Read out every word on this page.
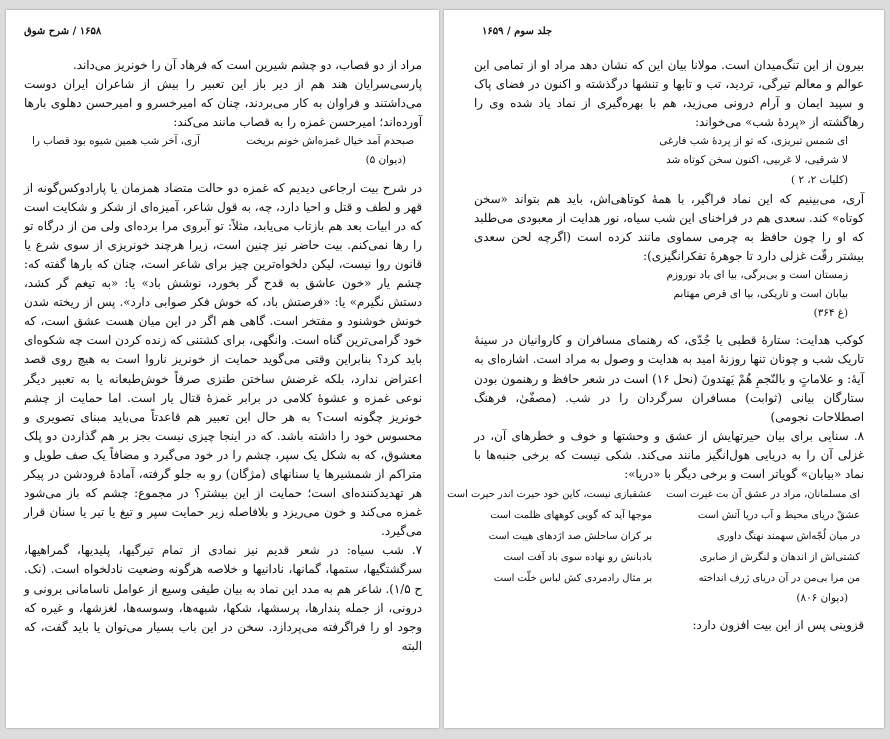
۱۶۵۸ / شرح شوق

مراد از دو قصاب، دو چشم شیرین است که فرهاد آن را خونریز می‌داند.

پارسی‌سرایان هند هم از دیر باز این تعبیر را بیش از شاعران ایران دوست می‌داشتند و فراوان به کار می‌بردند، چنان که امیرخسرو و امیرحسن دهلوی بارها آورده‌اند؛ امیرحسن غمزه را به قصاب مانند می‌کند:

صبحدم آمد خیال غمزه‌اش خونم بریخت
آری، آخر شب همین شیوه بود قصاب را
(دیوان ۵)

در شرح بیت ارجاعی دیدیم که غمزه دو حالت متضاد همزمان یا پارادوکس‌گونه از قهر و لطف و قتل و احیا دارد، چه، به قول شاعر، آمیزه‌ای از شکر و شکایت است که در ابیات بعد هم بازتاب می‌یابد، مثلاً: تو آبروی مرا برده‌ای ولی من از درگاه تو را رها نمی‌کنم. بیت حاضر نیز چنین است، زیرا هرچند خونریزی از سوی شرع یا قانون روا نیست، لیکن دلخواه‌ترین چیز برای شاعر است، چنان که بارها گفته که: چشم یار «خون عاشق به قدح گر بخورد، نوشش باد» یا: «به تیغم گر کشد، دستش نگیرم» یا: «فرصتش باد، که خوش فکر صوابی دارد». پس از ریخته شدن خونش خوشنود و مفتخر است. گاهی هم اگر در این میان هست عشق است، که خود گرامی‌ترین گناه است. وانگهی، برای کشتنی که زنده کردن است چه شکوه‌ای باید کرد؟ بنابراین وقتی می‌گوید حمایت از خونریز ناروا است به هیچ روی قصد اعتراض ندارد، بلکه غرضش ساختن طنزی صرفاً خوش‌طبعانه یا به تعبیر دیگر نوعی غمزه و عشوهٔ کلامی در برابر غمزهٔ قتال یار است. اما حمایت از چشم خونریز چگونه است؟ به هر حال این تعبیر هم قاعدتاً می‌باید مبنای تصویری و محسوس خود را داشته باشد. که در اینجا چیزی نیست بجز بر هم گذاردن دو پلک معشوق، که به شکل یک سپر، چشم را در خود می‌گیرد و مضافاً یک صف طویل و متراکم از شمشیرها یا سنانهای (مژگان) رو به جلو گرفته، آمادهٔ فرودشن در پیکر هر تهدیدکننده‌ای است؛ حمایت از این بیشتر؟ در مجموع: چشم که باز می‌شود غمزه می‌کند و خون می‌ریزد و بلافاصله زیر حمایت سپر و تیغ یا تیر یا سنان قرار می‌گیرد.

۷. شب سیاه: در شعر قدیم نیز نمادی از تمام تیرگیها، پلیدیها، گمراهیها، سرگشتگیها، ستمها، گمانها، نادانیها و خلاصه هرگونه وضعیت نادلخواه است. (نک. ح ۱/۵). شاعر هم به مدد این نماد به بیان طیفی وسیع از عوامل ناسامانی برونی و درونی، از جمله پندارها، پرسشها، شکها، شبهه‌ها، وسوسه‌ها، لغزشها، و غیره که وجود او را فراگرفته می‌پردازد. سخن در این باب بسیار می‌توان یا باید گفت، که البته

جلد سوم / ۱۶۵۹

بیرون از این تنگ‌میدان است. مولانا بیان این که نشان دهد مراد او از تمامی این عوالم و معالم تیرگی، تردید، تب و تابها و تنشها درگذشته و اکنون در فضای پاک و سپید ایمان و آرام درونی می‌زید، هم با بهره‌گیری از نماد یاد شده وی را رهاگشته از «پردهٔ شب» می‌خواند:

ای شمس تبریزی، که تو از پردهٔ شب فارغی
لا شرقیی، لا غربیی، اکنون سخن کوتاه شد
(کلیات ۲، ۲ )

آری، می‌بینیم که این نماد فراگیر، با همهٔ کوتاهی‌اش، باید هم بتواند «سخن کوتاه» کند. سعدی هم در فراخنای این شب سیاه، نور هدایت از معبودی می‌طلبد که او را چون حافظ به چرمی سماوی مانند کرده است (اگرچه لحن سعدی بیشتر رقّت غزلی دارد تا جوهرهٔ تفکرانگیزی):

زمستان است و بی‌برگی، بیا ای باد نوروزم
بیابان است و تاریکی، بیا ای قرص مهتابم
(غ ۳۶۴)

کوکب هدایت: ستارهٔ قطبی یا جُدّی، که رهنمای مسافران و کاروانیان در سینهٔ تاریک شب و چونان تنها روزنهٔ امید به هدایت و وصول به مراد است. اشاره‌ای به آیهٔ: و علاماتٍ و بالنّجمِ هُمْ یَهتدونَ (نحل ۱۶) است در شعر حافظ و رهنمون بودن ستارگان بیانی (ثوابت) مسافران سرگردان را در شب. (مصفّیٰ، فرهنگ اصطلاحات نجومی)

۸. سنایی برای بیان حیرتهایش از عشق و وحشتها و خوف و خطرهای آن، در غزلی آن را به دریایی هول‌انگیز مانند می‌کند. شکی نیست که برخی جنبه‌ها با نماد «بیابان» گویاتر است و برخی دیگر با «دریا»:

ای مسلمانان، مراد در عشق آن بت غیرت است
عشقبازی نیست، کاین خود حیرت اندر حیرت است
عشقْ دریای محیط و آب دریا آتش است
موجها آید که گویی کوههای ظلمت است
در میان لُجّه‌اش سهمند نهنگ داوری
بر کران ساحلش صد اژدهای هیبت است
کشتی‌اش از اندهان و لنگرش از صابری
بادبانش رو نهاده سوی باد آفت است
من مرا بی‌من در آن دریای ژرف انداخته
بر مثال رادمردی کش لباس خلّت است
(دیوان ۸۰۶)

قزوینی پس از این بیت افزون دارد:
